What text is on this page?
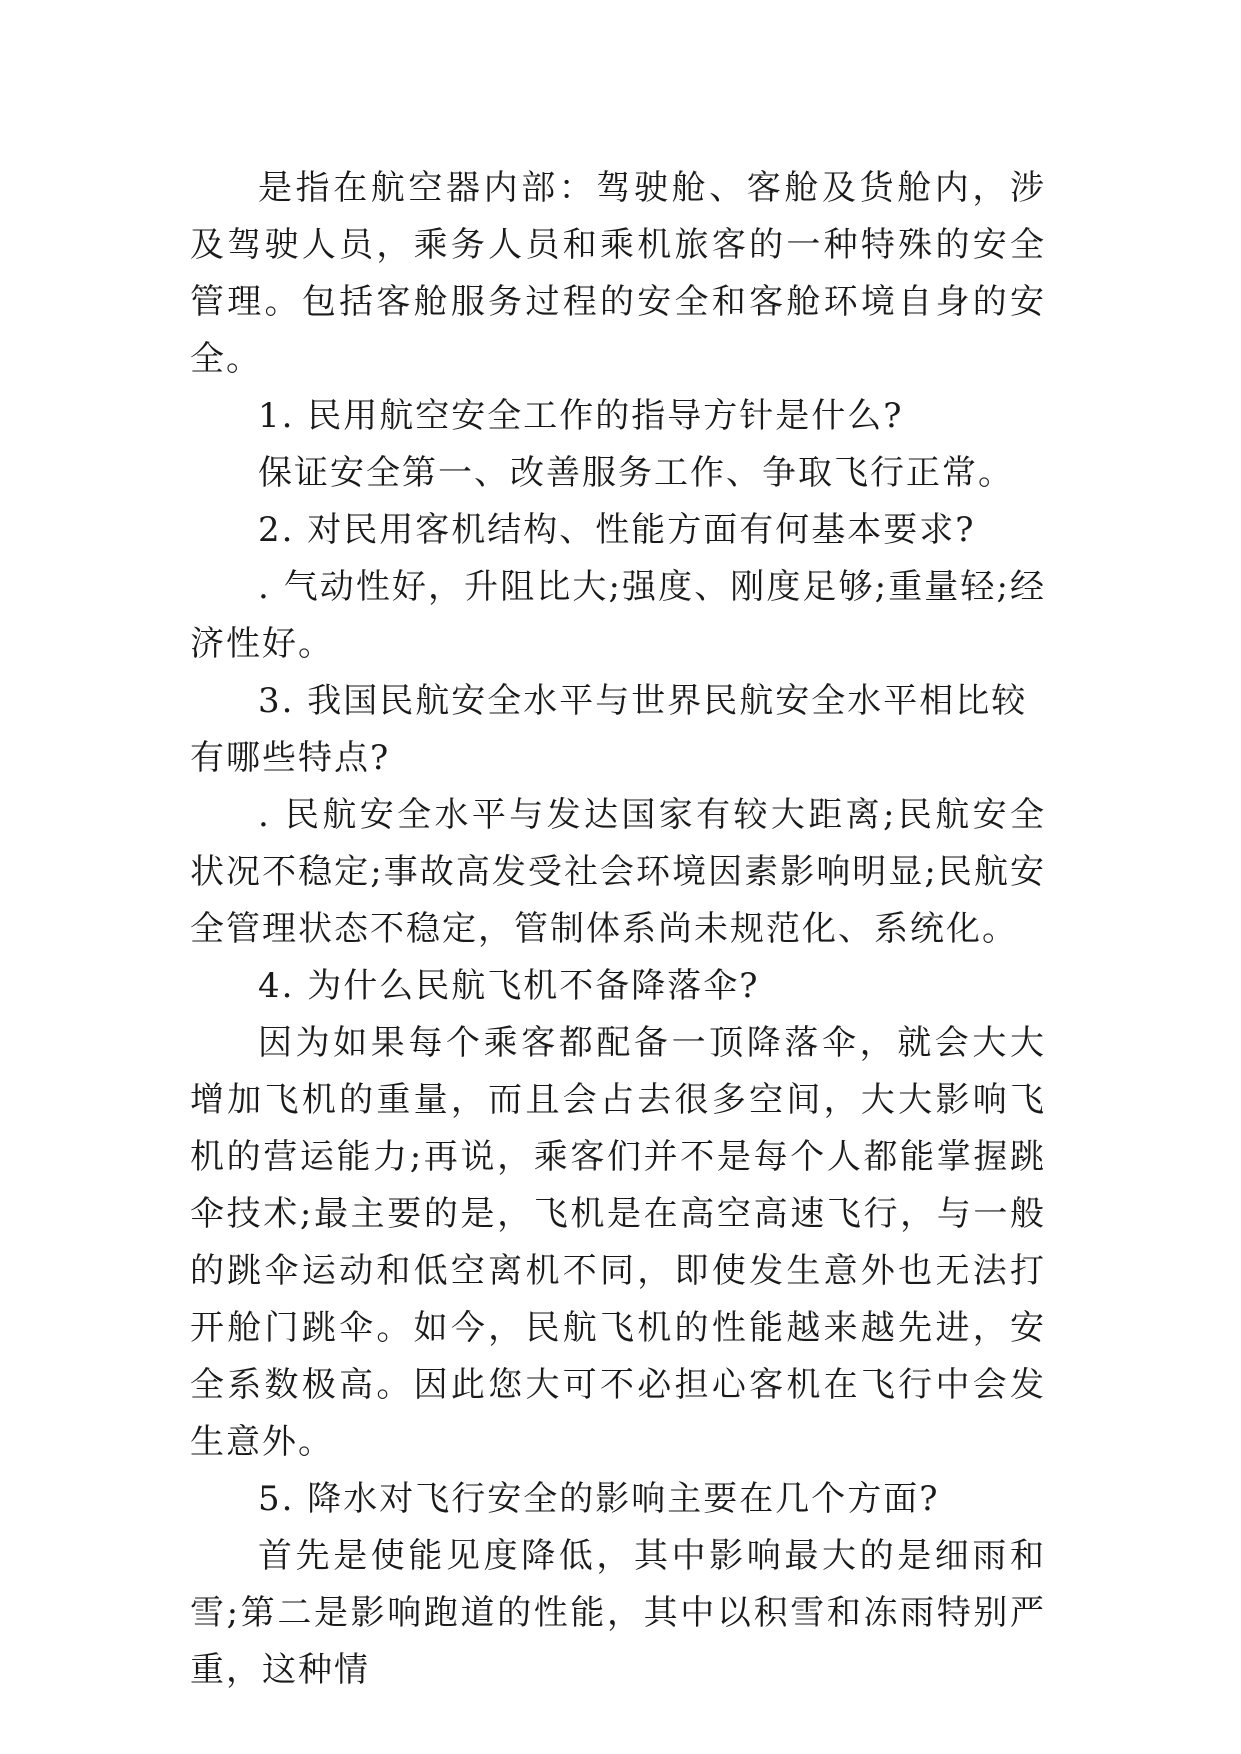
是指在航空器内部：驾驶舱、客舱及货舱内，涉及驾驶人员，乘务人员和乘机旅客的一种特殊的安全管理。包括客舱服务过程的安全和客舱环境自身的安全。

1. 民用航空安全工作的指导方针是什么?

保证安全第一、改善服务工作、争取飞行正常。

2. 对民用客机结构、性能方面有何基本要求?

. 气动性好，升阻比大;强度、刚度足够;重量轻;经济性好。

3. 我国民航安全水平与世界民航安全水平相比较有哪些特点?

. 民航安全水平与发达国家有较大距离;民航安全状况不稳定;事故高发受社会环境因素影响明显;民航安全管理状态不稳定，管制体系尚未规范化、系统化。

4. 为什么民航飞机不备降落伞?

因为如果每个乘客都配备一顶降落伞，就会大大增加飞机的重量，而且会占去很多空间，大大影响飞机的营运能力;再说，乘客们并不是每个人都能掌握跳伞技术;最主要的是，飞机是在高空高速飞行，与一般的跳伞运动和低空离机不同，即使发生意外也无法打开舱门跳伞。如今，民航飞机的性能越来越先进，安全系数极高。因此您大可不必担心客机在飞行中会发生意外。

5. 降水对飞行安全的影响主要在几个方面?

首先是使能见度降低，其中影响最大的是细雨和雪;第二是影响跑道的性能，其中以积雪和冻雨特别严重，这种情
